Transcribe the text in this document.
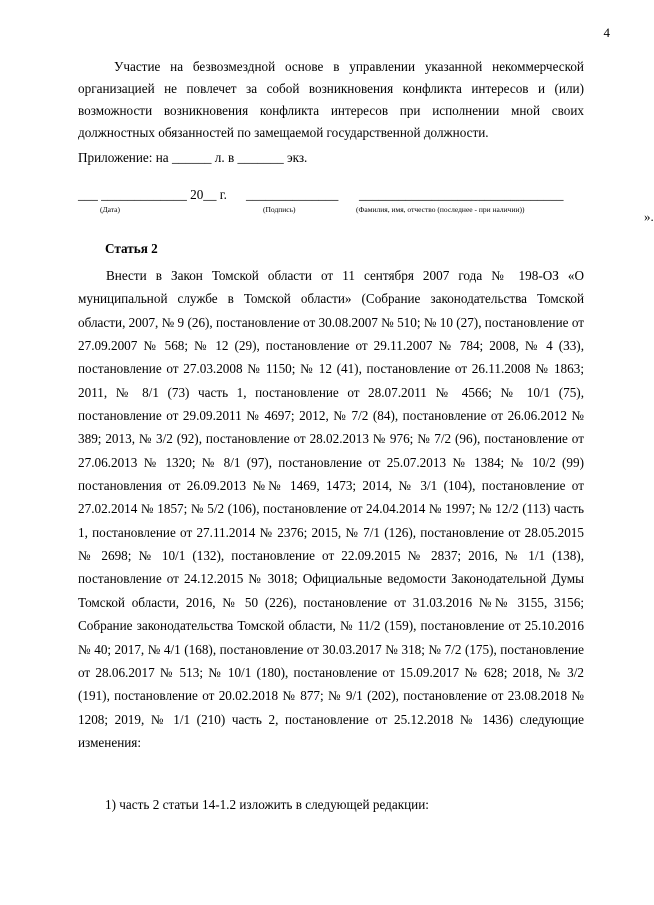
4
Участие на безвозмездной основе в управлении указанной некоммерческой организацией не повлечет за собой возникновения конфликта интересов и (или) возможности возникновения конфликта интересов при исполнении мной своих должностных обязанностей по замещаемой государственной должности.
Приложение: на ______ л. в _______ экз.
___ _____________ 20__ г. ______________ _______________________________
(Дата)	(Подпись)	(Фамилия, имя, отчество (последнее - при наличии))	».
Статья 2

Внести в Закон Томской области от 11 сентября 2007 года № 198-ОЗ «О муниципальной службе в Томской области» (Собрание законодательства Томской области, 2007, № 9 (26), постановление от 30.08.2007 № 510; № 10 (27), постановление от 27.09.2007 № 568; № 12 (29), постановление от 29.11.2007 № 784; 2008, № 4 (33), постановление от 27.03.2008 № 1150; № 12 (41), постановление от 26.11.2008 № 1863; 2011, № 8/1 (73) часть 1, постановление от 28.07.2011 № 4566; № 10/1 (75), постановление от 29.09.2011 № 4697; 2012, № 7/2 (84), постановление от 26.06.2012 № 389; 2013, № 3/2 (92), постановление от 28.02.2013 № 976; № 7/2 (96), постановление от 27.06.2013 № 1320; № 8/1 (97), постановление от 25.07.2013 № 1384; № 10/2 (99) постановления от 26.09.2013 №№ 1469, 1473; 2014, № 3/1 (104), постановление от 27.02.2014 № 1857; № 5/2 (106), постановление от 24.04.2014 № 1997; № 12/2 (113) часть 1, постановление от 27.11.2014 № 2376; 2015, № 7/1 (126), постановление от 28.05.2015 № 2698; № 10/1 (132), постановление от 22.09.2015 № 2837; 2016, № 1/1 (138), постановление от 24.12.2015 № 3018; Официальные ведомости Законодательной Думы Томской области, 2016, № 50 (226), постановление от 31.03.2016 №№ 3155, 3156; Собрание законодательства Томской области, № 11/2 (159), постановление от 25.10.2016 № 40; 2017, № 4/1 (168), постановление от 30.03.2017 № 318; № 7/2 (175), постановление от 28.06.2017 № 513; № 10/1 (180), постановление от 15.09.2017 № 628; 2018, № 3/2 (191), постановление от 20.02.2018 № 877; № 9/1 (202), постановление от 23.08.2018 № 1208; 2019, № 1/1 (210) часть 2, постановление от 25.12.2018 № 1436) следующие изменения:

1) часть 2 статьи 14-1.2 изложить в следующей редакции:
